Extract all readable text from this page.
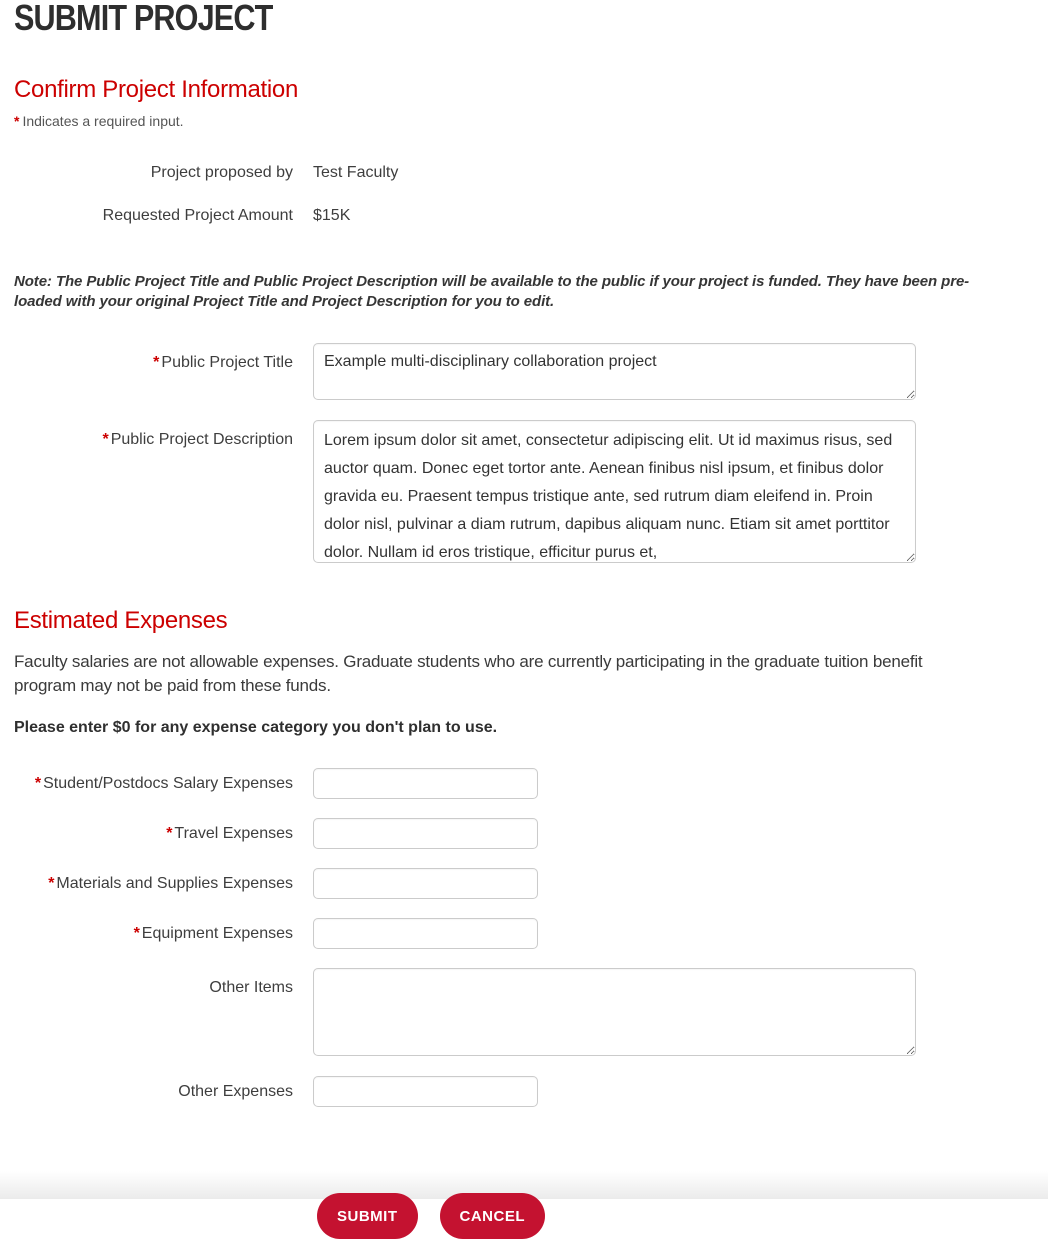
SUBMIT PROJECT
Confirm Project Information

* Indicates a required input.

Project proposed by Test Faculty
Requested Project Amount $15K

Note: The Public Project Title and Public Project Description will be available to the public if your project is funded. They have been pre-loaded with your original Project Title and Project Description for you to edit.

* Public Project Title
Example multi-disciplinary collaboration project
* Public Project Description
Lorem ipsum dolor sit amet, consectetur adipiscing elit. Ut id maximus risus, sed auctor quam. Donec eget tortor ante. Aenean finibus nisl ipsum, et finibus dolor gravida eu. Praesent tempus tristique ante, sed rutrum diam eleifend in. Proin dolor nisl, pulvinar a diam rutrum, dapibus aliquam nunc. Etiam sit amet porttitor dolor. Nullam id eros tristique, efficitur purus et,
Estimated Expenses

Faculty salaries are not allowable expenses. Graduate students who are currently participating in the graduate tuition benefit program may not be paid from these funds.

Please enter $0 for any expense category you don't plan to use.

* Student/Postdocs Salary Expenses
* Travel Expenses
* Materials and Supplies Expenses
* Equipment Expenses
Other Items
Other Expenses
SUBMIT	CANCEL
